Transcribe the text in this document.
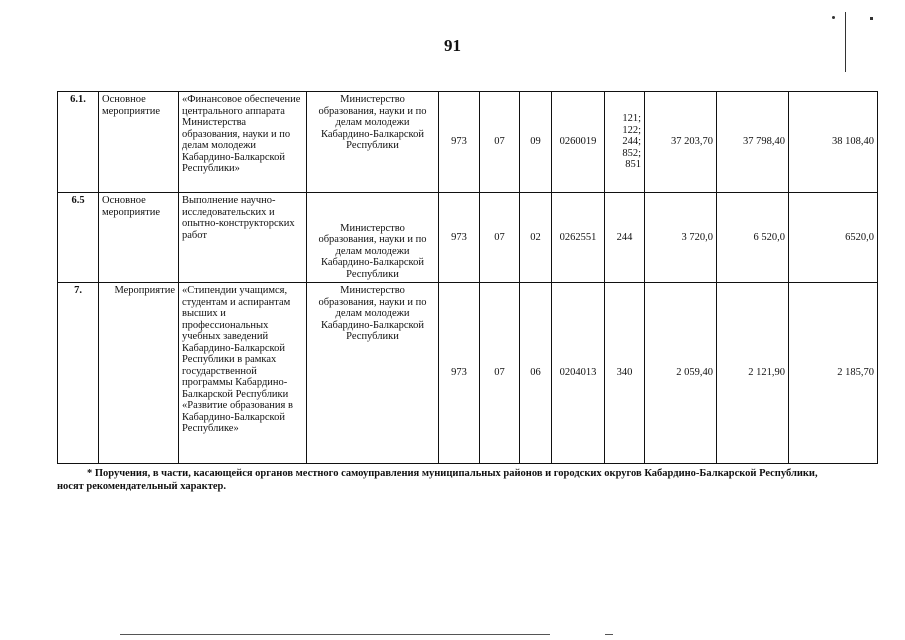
91
6.1.	Основное мероприятие	«Финансовое обеспечение центрального аппарата Министерства образования, науки и по делам молодежи Кабардино-Балкарской Республики»	Министерство образования, науки и по делам молодежи Кабардино-Балкарской Республики	973	07	09	0260019	121; 122; 244; 852; 851	37 203,70	37 798,40	38 108,40
6.5	Основное мероприятие	Выполнение научно-исследовательских и опытно-конструкторских работ	Министерство образования, науки и по делам молодежи Кабардино-Балкарской Республики	973	07	02	0262551	244	3 720,0	6 520,0	6520,0
7.	Мероприятие	«Стипендии учащимся, студентам и аспирантам высших и профессиональных учебных заведений Кабардино-Балкарской Республики в рамках государственной программы Кабардино-Балкарской Республики «Развитие образования в Кабардино-Балкарской Республике»	Министерство образования, науки и по делам молодежи Кабардино-Балкарской Республики	973	07	06	0204013	340	2 059,40	2 121,90	2 185,70
* Поручения, в части, касающейся органов местного самоуправления муниципальных районов и городских округов Кабардино-Балкарской Республики,
носят рекомендательный характер.
